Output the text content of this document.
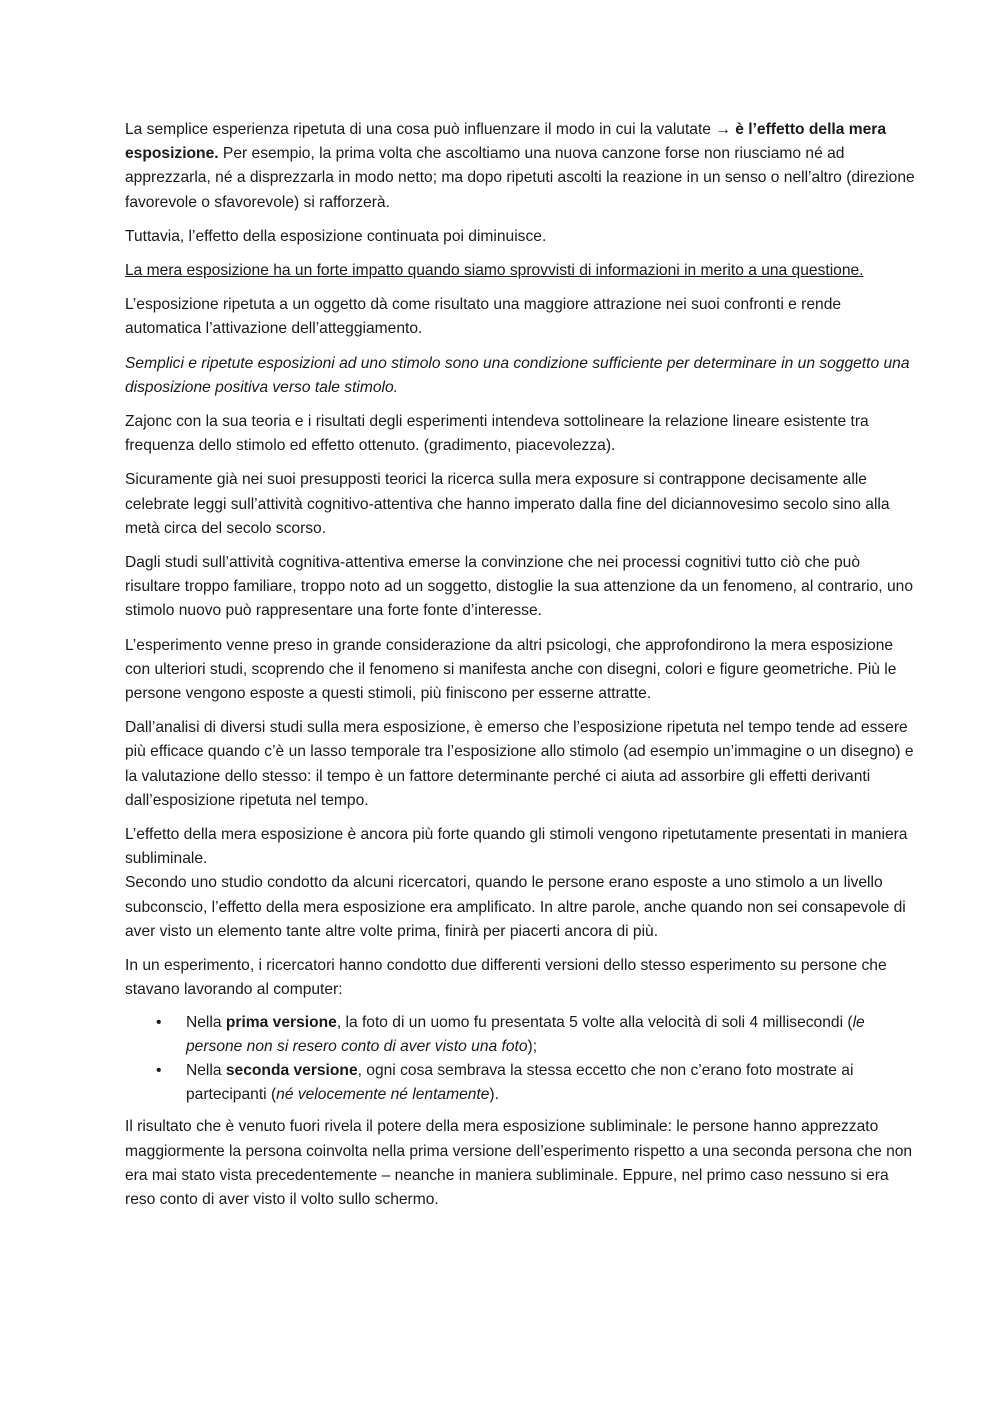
La semplice esperienza ripetuta di una cosa può influenzare il modo in cui la valutate → è l’effetto della mera esposizione. Per esempio, la prima volta che ascoltiamo una nuova canzone forse non riusciamo né ad apprezzarla, né a disprezzarla in modo netto; ma dopo ripetuti ascolti la reazione in un senso o nell’altro (direzione favorevole o sfavorevole) si rafforzerà.

Tuttavia, l’effetto della esposizione continuata poi diminuisce.

La mera esposizione ha un forte impatto quando siamo sprovvisti di informazioni in merito a una questione.

L’esposizione ripetuta a un oggetto dà come risultato una maggiore attrazione nei suoi confronti e rende automatica l’attivazione dell’atteggiamento.

Semplici e ripetute esposizioni ad uno stimolo sono una condizione sufficiente per determinare in un soggetto una disposizione positiva verso tale stimolo.

Zajonc con la sua teoria e i risultati degli esperimenti intendeva sottolineare la relazione lineare esistente tra frequenza dello stimolo ed effetto ottenuto. (gradimento, piacevolezza).

Sicuramente già nei suoi presupposti teorici la ricerca sulla mera exposure si contrappone decisamente alle celebrate leggi sull’attività cognitivo-attentiva che hanno imperato dalla fine del diciannovesimo secolo sino alla metà circa del secolo scorso.

Dagli studi sull’attività cognitiva-attentiva emerse la convinzione che nei processi cognitivi tutto ciò che può risultare troppo familiare, troppo noto ad un soggetto, distoglie la sua attenzione da un fenomeno, al contrario, uno stimolo nuovo può rappresentare una forte fonte d’interesse.

L’esperimento venne preso in grande considerazione da altri psicologi, che approfondirono la mera esposizione con ulteriori studi, scoprendo che il fenomeno si manifesta anche con disegni, colori e figure geometriche. Più le persone vengono esposte a questi stimoli, più finiscono per esserne attratte.

Dall’analisi di diversi studi sulla mera esposizione, è emerso che l’esposizione ripetuta nel tempo tende ad essere più efficace quando c’è un lasso temporale tra l’esposizione allo stimolo (ad esempio un’immagine o un disegno) e la valutazione dello stesso: il tempo è un fattore determinante perché ci aiuta ad assorbire gli effetti derivanti dall’esposizione ripetuta nel tempo.

L’effetto della mera esposizione è ancora più forte quando gli stimoli vengono ripetutamente presentati in maniera subliminale.
Secondo uno studio condotto da alcuni ricercatori, quando le persone erano esposte a uno stimolo a un livello subconscio, l’effetto della mera esposizione era amplificato. In altre parole, anche quando non sei consapevole di aver visto un elemento tante altre volte prima, finirà per piacerti ancora di più.

In un esperimento, i ricercatori hanno condotto due differenti versioni dello stesso esperimento su persone che stavano lavorando al computer:

• Nella prima versione, la foto di un uomo fu presentata 5 volte alla velocità di soli 4 millisecondi (le persone non si resero conto di aver visto una foto);
• Nella seconda versione, ogni cosa sembrava la stessa eccetto che non c’erano foto mostrate ai partecipanti (né velocemente né lentamente).

Il risultato che è venuto fuori rivela il potere della mera esposizione subliminale: le persone hanno apprezzato maggiormente la persona coinvolta nella prima versione dell’esperimento rispetto a una seconda persona che non era mai stato vista precedentemente – neanche in maniera subliminale. Eppure, nel primo caso nessuno si era reso conto di aver visto il volto sullo schermo.
